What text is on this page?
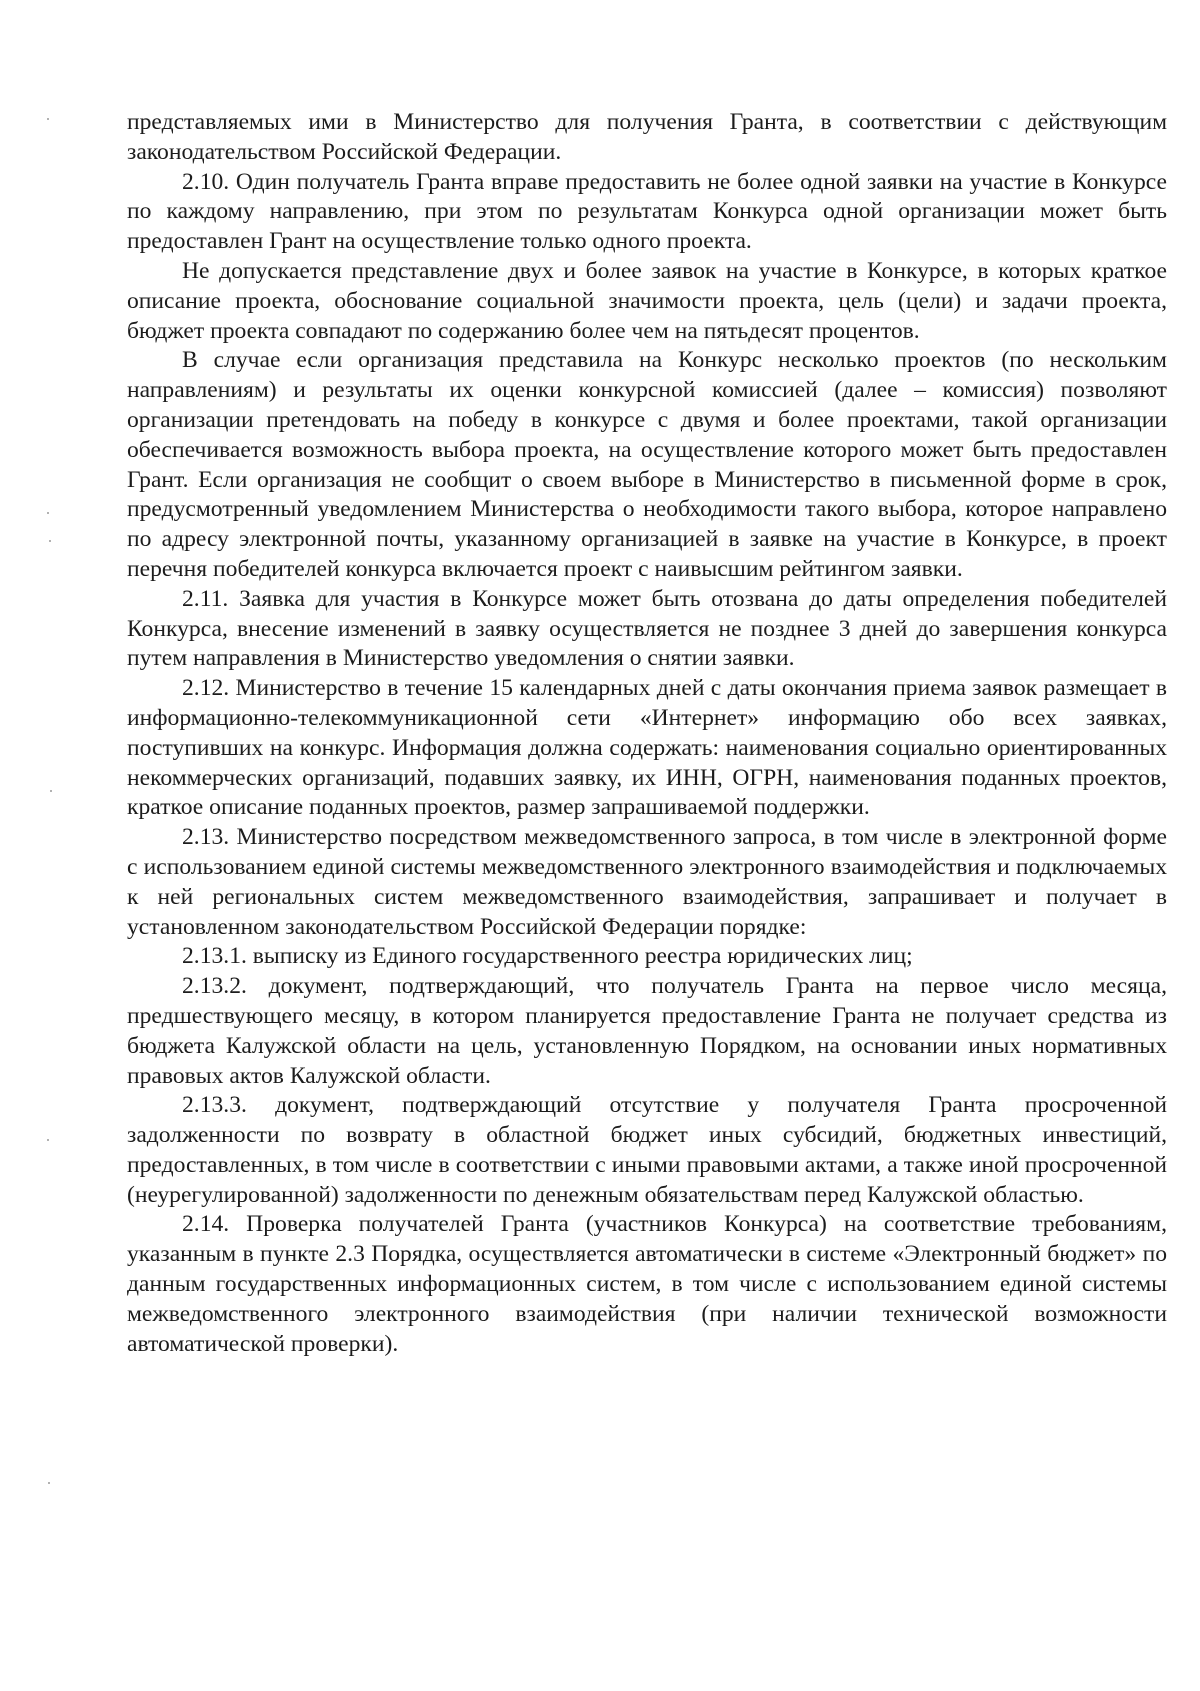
представляемых ими в Министерство для получения Гранта, в соответствии с действующим законодательством Российской Федерации.

2.10. Один получатель Гранта вправе предоставить не более одной заявки на участие в Конкурсе по каждому направлению, при этом по результатам Конкурса одной организации может быть предоставлен Грант на осуществление только одного проекта.

Не допускается представление двух и более заявок на участие в Конкурсе, в которых краткое описание проекта, обоснование социальной значимости проекта, цель (цели) и задачи проекта, бюджет проекта совпадают по содержанию более чем на пятьдесят процентов.

В случае если организация представила на Конкурс несколько проектов (по нескольким направлениям) и результаты их оценки конкурсной комиссией (далее – комиссия) позволяют организации претендовать на победу в конкурсе с двумя и более проектами, такой организации обеспечивается возможность выбора проекта, на осуществление которого может быть предоставлен Грант. Если организация не сообщит о своем выборе в Министерство в письменной форме в срок, предусмотренный уведомлением Министерства о необходимости такого выбора, которое направлено по адресу электронной почты, указанному организацией в заявке на участие в Конкурсе, в проект перечня победителей конкурса включается проект с наивысшим рейтингом заявки.

2.11. Заявка для участия в Конкурсе может быть отозвана до даты определения победителей Конкурса, внесение изменений в заявку осуществляется не позднее 3 дней до завершения конкурса путем направления в Министерство уведомления о снятии заявки.

2.12. Министерство в течение 15 календарных дней с даты окончания приема заявок размещает в информационно-телекоммуникационной сети «Интернет» информацию обо всех заявках, поступивших на конкурс. Информация должна содержать: наименования социально ориентированных некоммерческих организаций, подавших заявку, их ИНН, ОГРН, наименования поданных проектов, краткое описание поданных проектов, размер запрашиваемой поддержки.

2.13. Министерство посредством межведомственного запроса, в том числе в электронной форме с использованием единой системы межведомственного электронного взаимодействия и подключаемых к ней региональных систем межведомственного взаимодействия, запрашивает и получает в установленном законодательством Российской Федерации порядке:

2.13.1. выписку из Единого государственного реестра юридических лиц;

2.13.2. документ, подтверждающий, что получатель Гранта на первое число месяца, предшествующего месяцу, в котором планируется предоставление Гранта не получает средства из бюджета Калужской области на цель, установленную Порядком, на основании иных нормативных правовых актов Калужской области.

2.13.3. документ, подтверждающий отсутствие у получателя Гранта просроченной задолженности по возврату в областной бюджет иных субсидий, бюджетных инвестиций, предоставленных, в том числе в соответствии с иными правовыми актами, а также иной просроченной (неурегулированной) задолженности по денежным обязательствам перед Калужской областью.

2.14. Проверка получателей Гранта (участников Конкурса) на соответствие требованиям, указанным в пункте 2.3 Порядка, осуществляется автоматически в системе «Электронный бюджет» по данным государственных информационных систем, в том числе с использованием единой системы межведомственного электронного взаимодействия (при наличии технической возможности автоматической проверки).
